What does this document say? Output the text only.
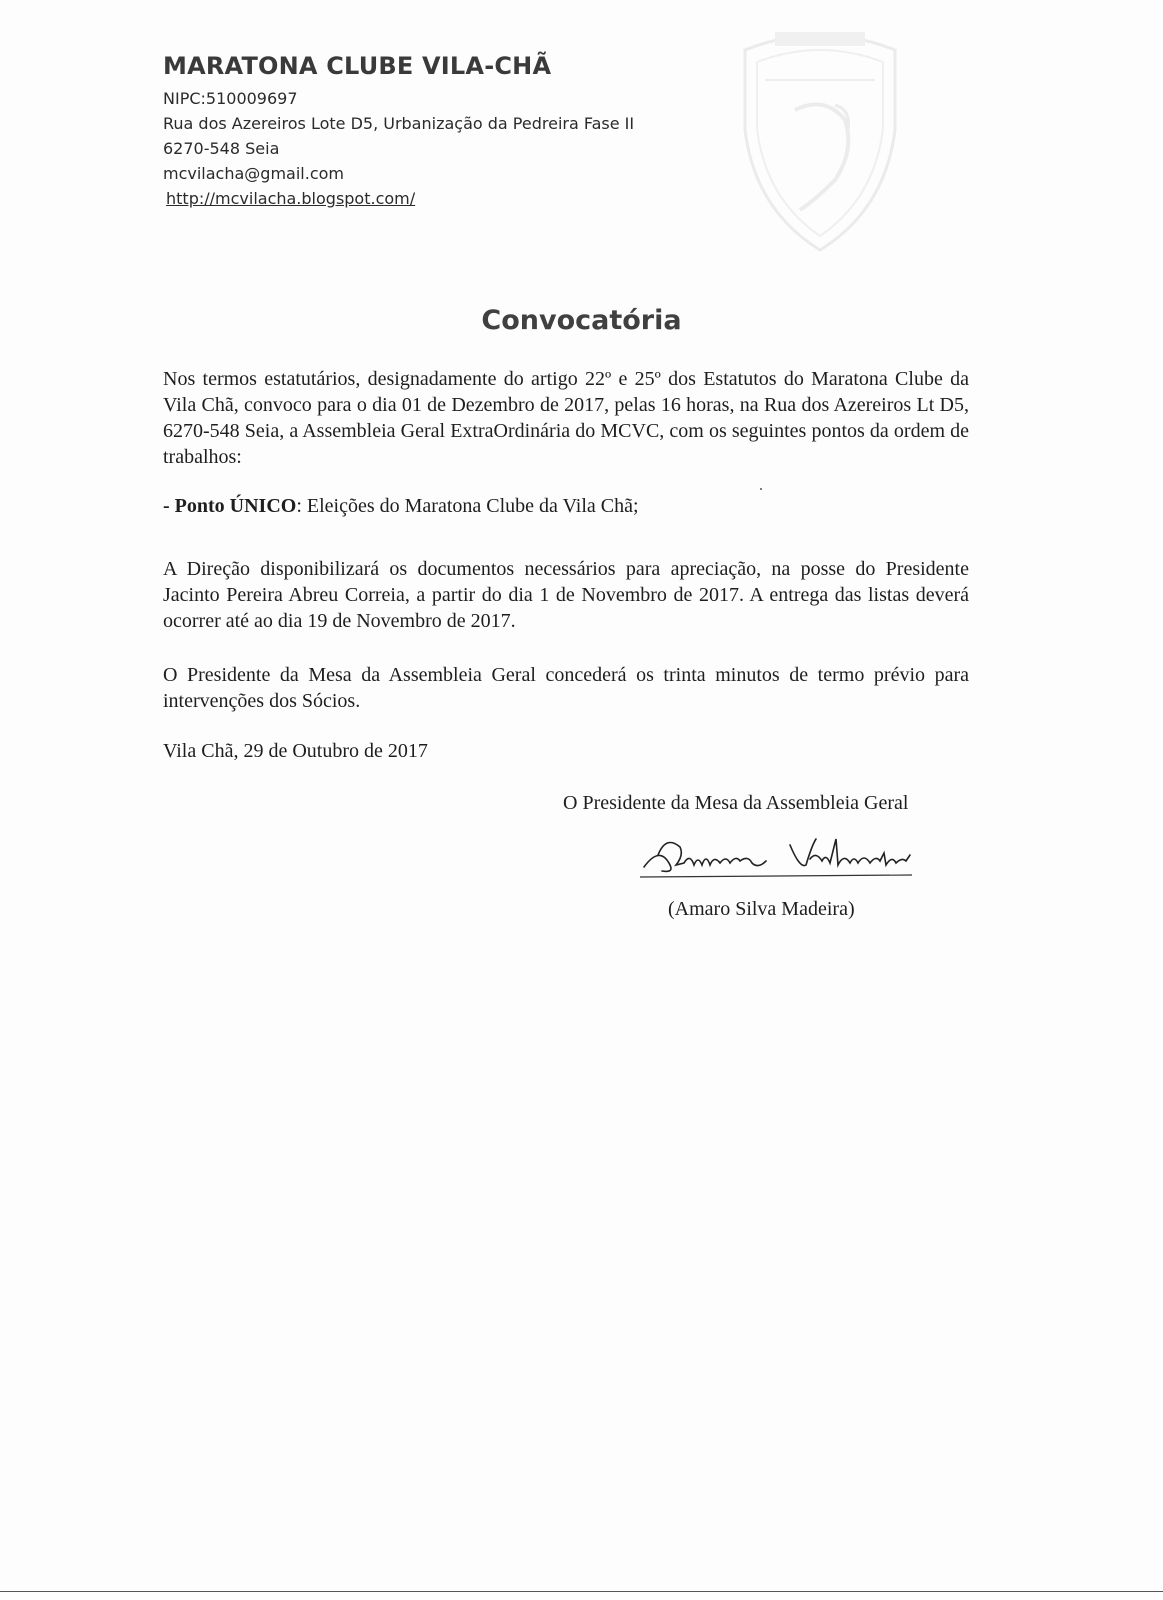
MARATONA CLUBE VILA-CHÃ

NIPC:510009697

Rua dos Azereiros Lote D5, Urbanização da Pedreira Fase II

6270-548 Seia

mcvilacha@gmail.com

http://mcvilacha.blogspot.com/

Convocatória
Nos termos estatutários, designadamente do artigo 22º e 25º dos Estatutos do Maratona Clube da Vila Chã, convoco para o dia 01 de Dezembro de 2017, pelas 16 horas, na Rua dos Azereiros Lt D5, 6270-548 Seia, a Assembleia Geral ExtraOrdinária do MCVC, com os seguintes pontos da ordem de trabalhos:
- Ponto ÚNICO: Eleições do Maratona Clube da Vila Chã;
A Direção disponibilizará os documentos necessários para apreciação, na posse do Presidente Jacinto Pereira Abreu Correia, a partir do dia 1 de Novembro de 2017. A entrega das listas deverá ocorrer até ao dia 19 de Novembro de 2017.
O Presidente da Mesa da Assembleia Geral concederá os trinta minutos de termo prévio para intervenções dos Sócios.
Vila Chã, 29 de Outubro de 2017
O Presidente da Mesa da Assembleia Geral
(Amaro Silva Madeira)
